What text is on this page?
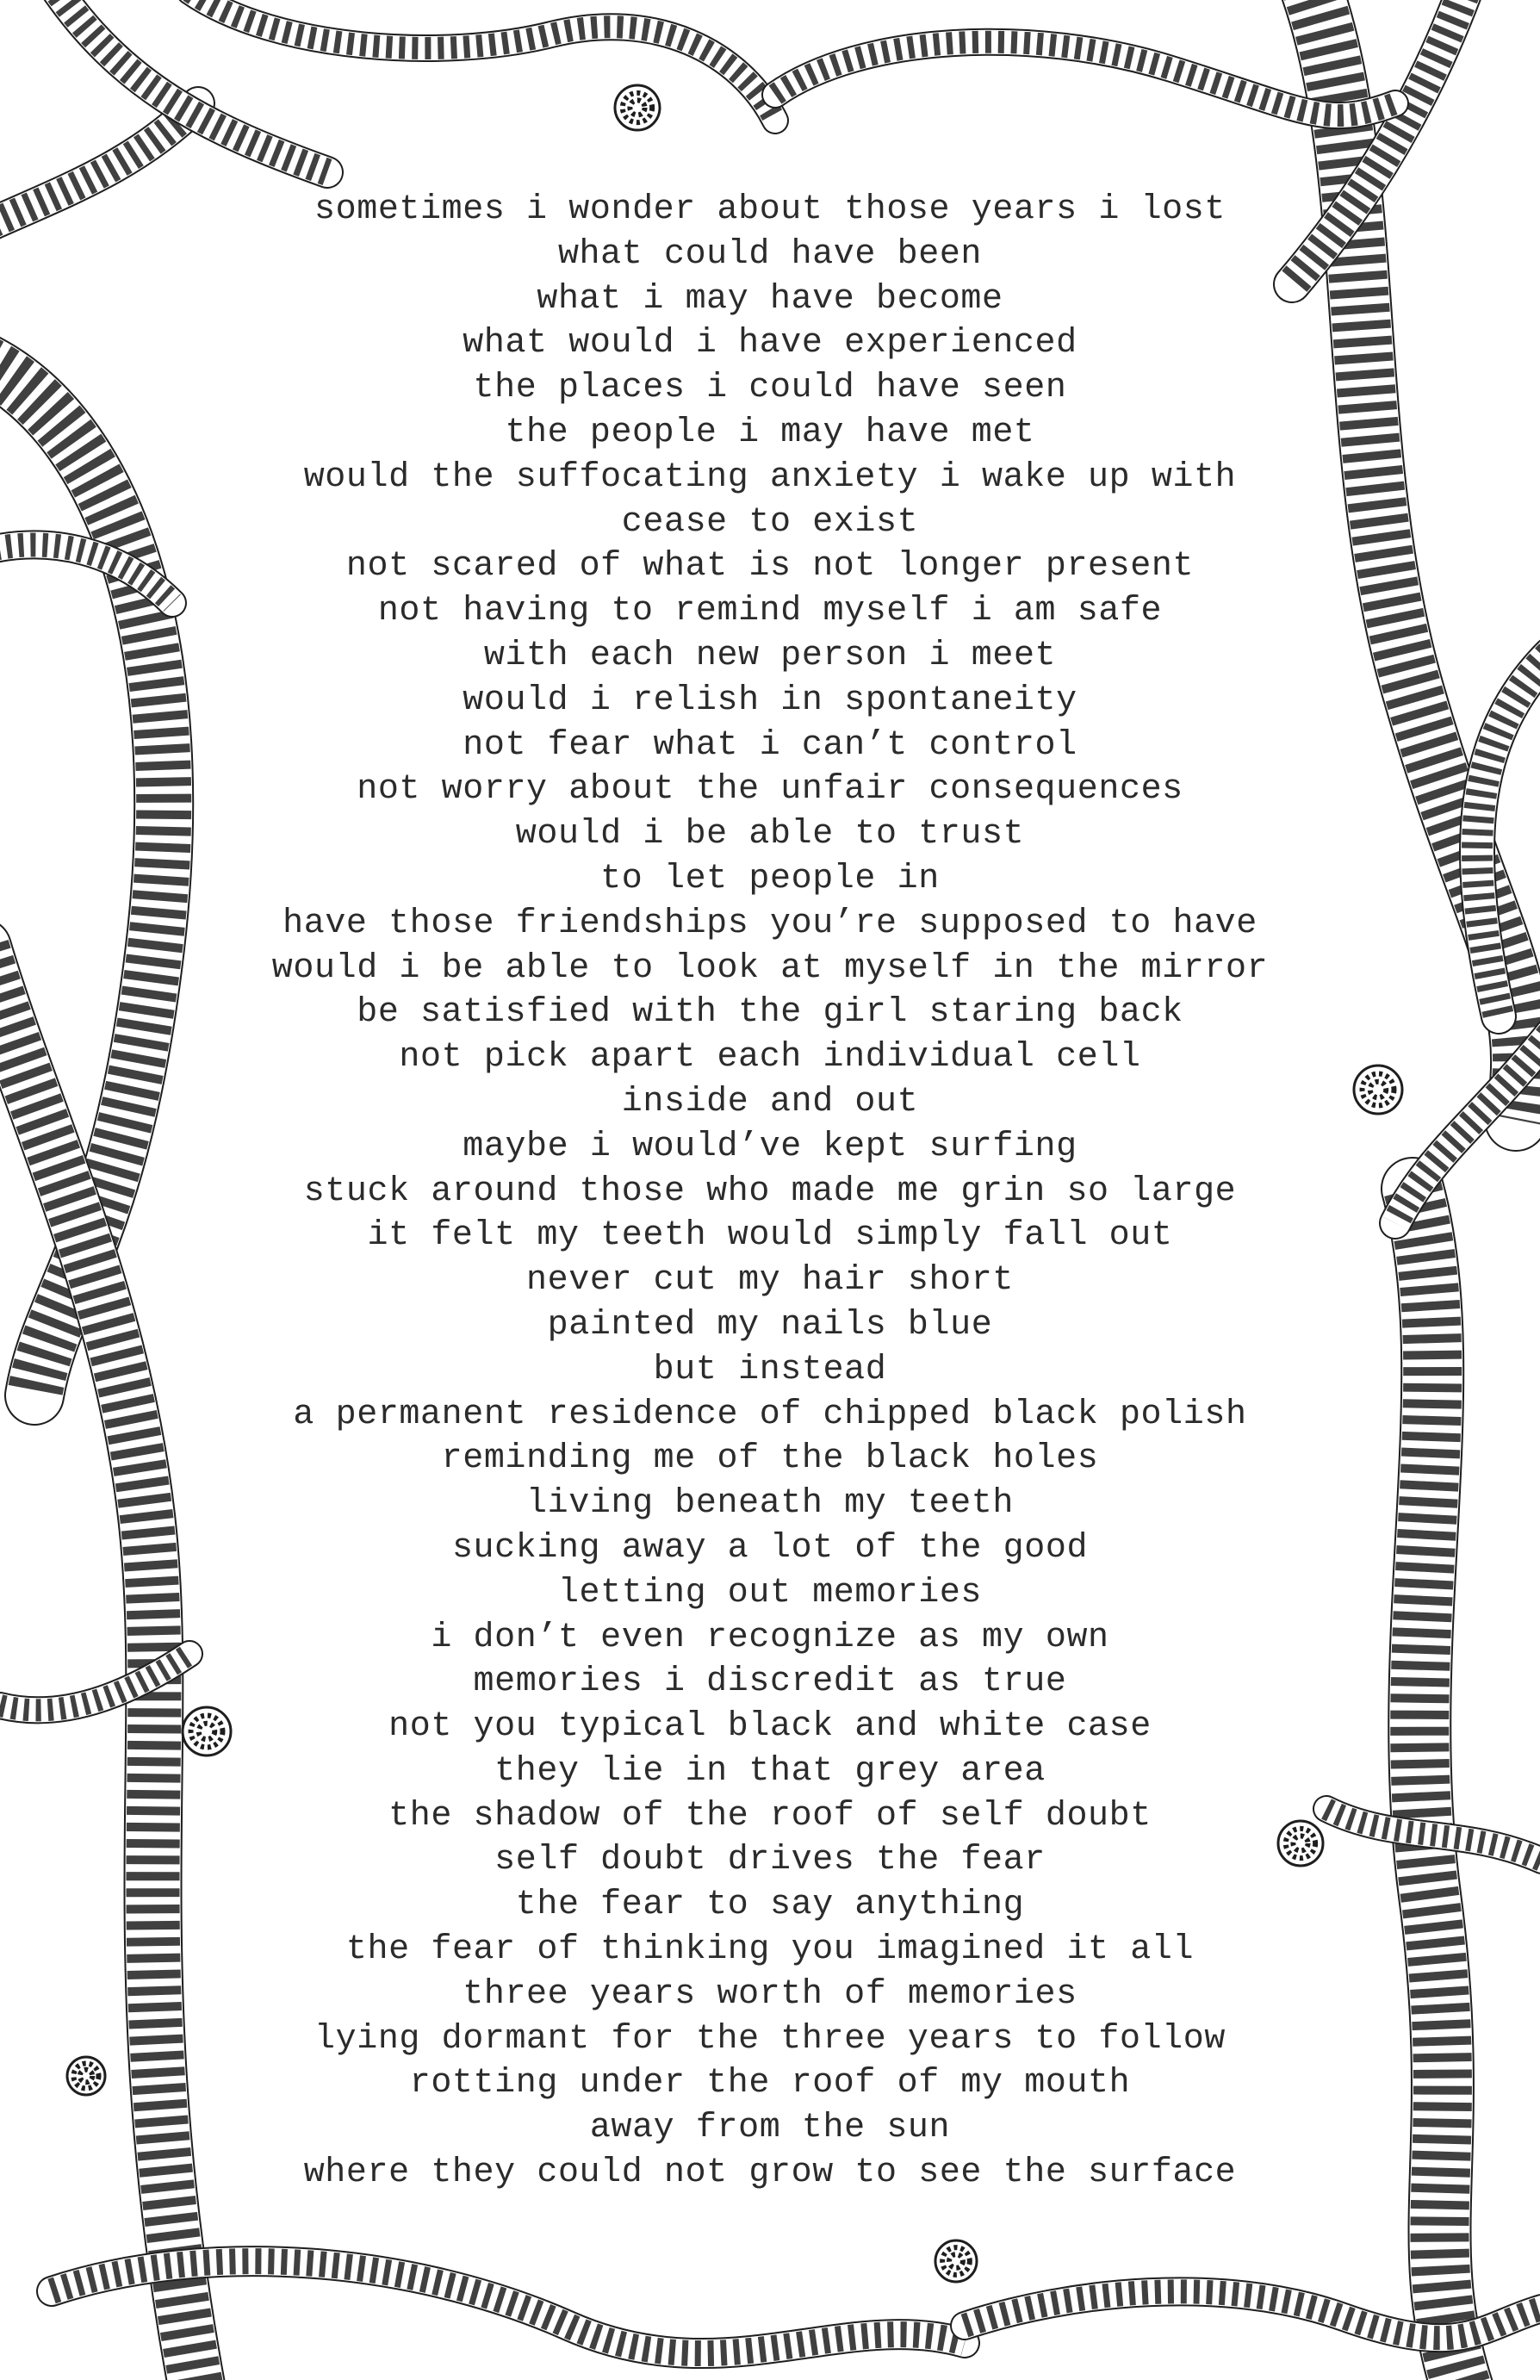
sometimes i wonder about those years i lost
what could have been
what i may have become
what would i have experienced
the places i could have seen
the people i may have met
would the suffocating anxiety i wake up with
cease to exist
not scared of what is not longer present
not having to remind myself i am safe
with each new person i meet
would i relish in spontaneity
not fear what i can’t control
not worry about the unfair consequences
would i be able to trust
to let people in
have those friendships you’re supposed to have
would i be able to look at myself in the mirror
be satisfied with the girl staring back
not pick apart each individual cell
inside and out
maybe i would’ve kept surfing
stuck around those who made me grin so large
it felt my teeth would simply fall out
never cut my hair short
painted my nails blue
but instead
a permanent residence of chipped black polish
reminding me of the black holes
living beneath my teeth
sucking away a lot of the good
letting out memories
i don’t even recognize as my own
memories i discredit as true
not you typical black and white case
they lie in that grey area
the shadow of the roof of self doubt
self doubt drives the fear
the fear to say anything
the fear of thinking you imagined it all
three years worth of memories
lying dormant for the three years to follow
rotting under the roof of my mouth
away from the sun
where they could not grow to see the surface
